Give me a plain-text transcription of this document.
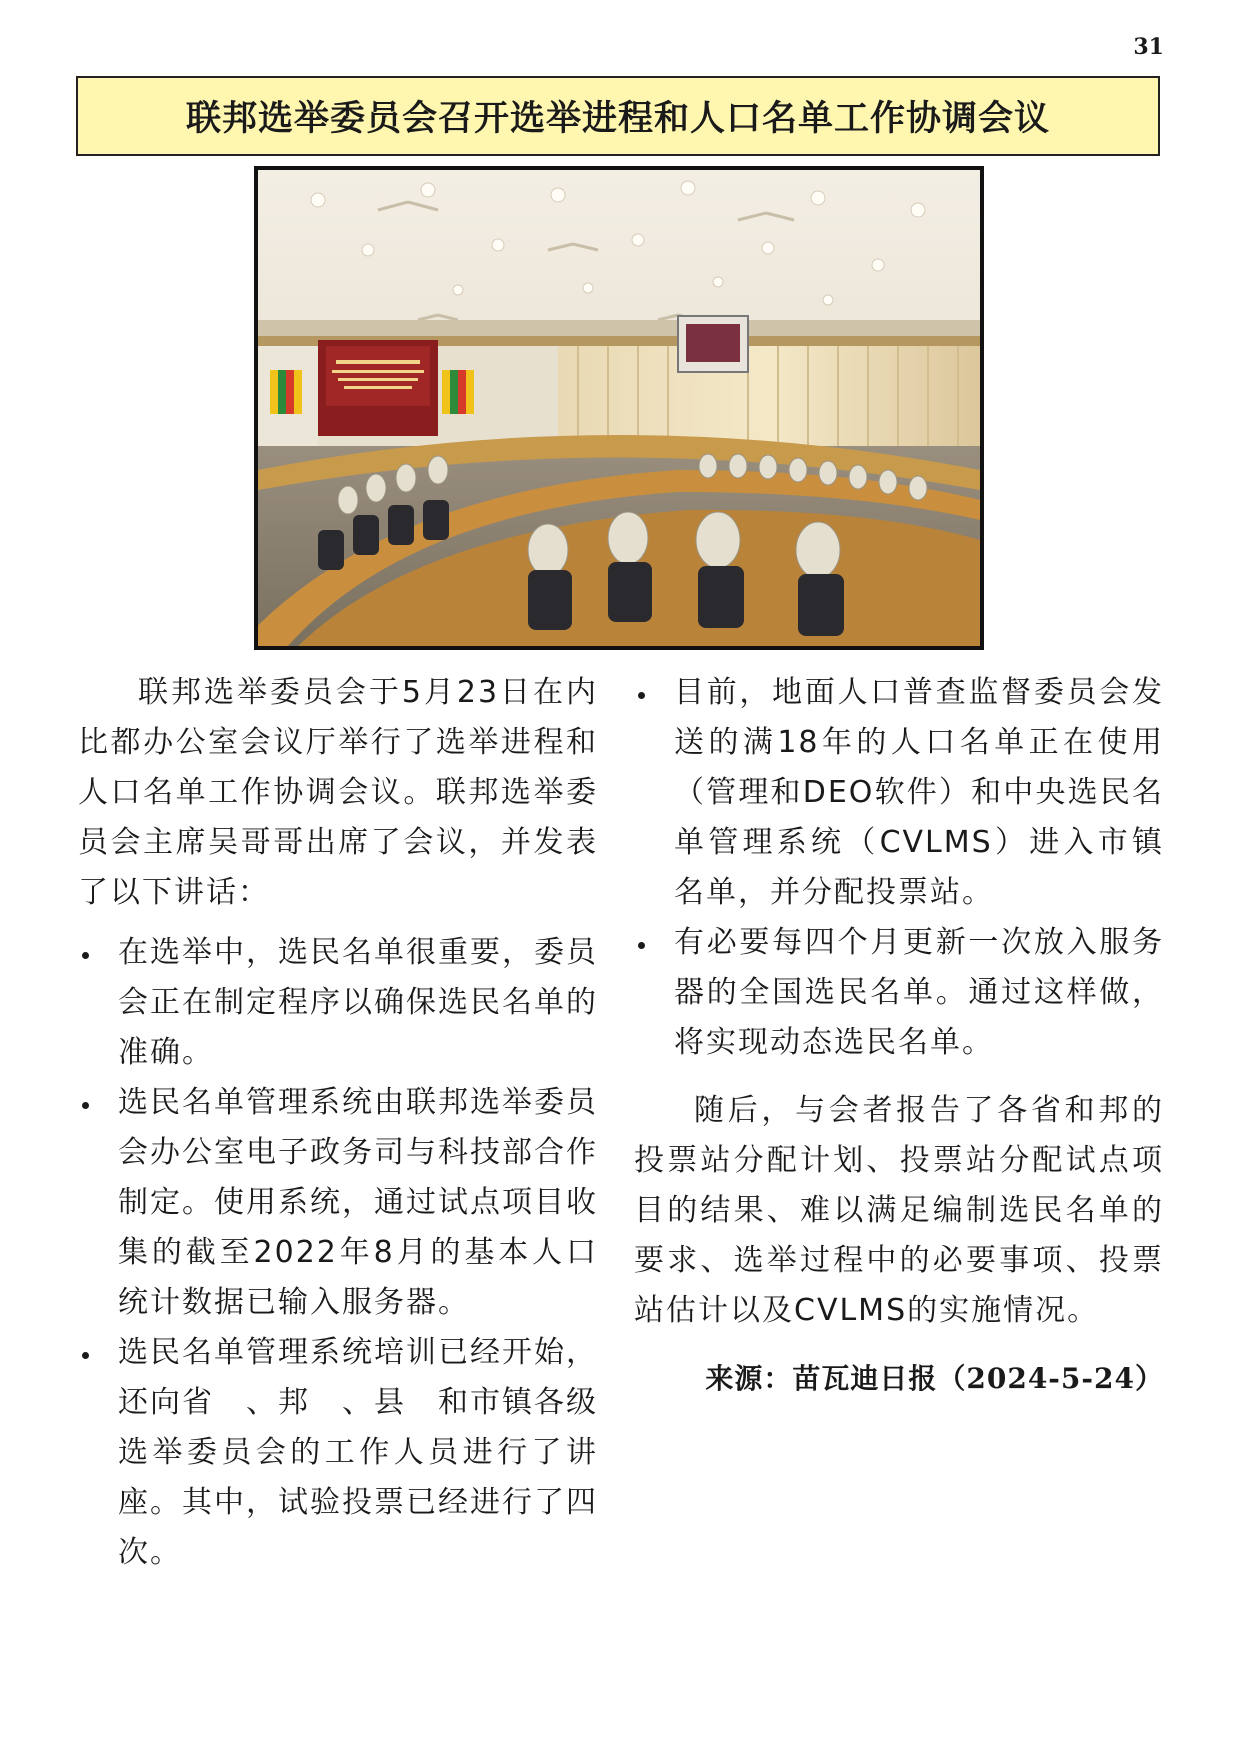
31
联邦选举委员会召开选举进程和人口名单工作协调会议

联邦选举委员会于5月23日在内比都办公室会议厅举行了选举进程和人口名单工作协调会议。联邦选举委员会主席吴哥哥出席了会议，并发表了以下讲话：

在选举中，选民名单很重要，委员会正在制定程序以确保选民名单的准确。
选民名单管理系统由联邦选举委员会办公室电子政务司与科技部合作制定。使用系统，通过试点项目收集的截至2022年8月的基本人口统计数据已输入服务器。
选民名单管理系统培训已经开始，还向省　、邦　、县　和市镇各级选举委员会的工作人员进行了讲座。其中，试验投票已经进行了四次。
目前，地面人口普查监督委员会发送的满18年的人口名单正在使用（管理和DEO软件）和中央选民名单管理系统（CVLMS）进入市镇名单，并分配投票站。
有必要每四个月更新一次放入服务器的全国选民名单。通过这样做，将实现动态选民名单。

随后，与会者报告了各省和邦的投票站分配计划、投票站分配试点项目的结果、难以满足编制选民名单的要求、选举过程中的必要事项、投票站估计以及CVLMS的实施情况。

来源：苗瓦迪日报（2024-5-24）
